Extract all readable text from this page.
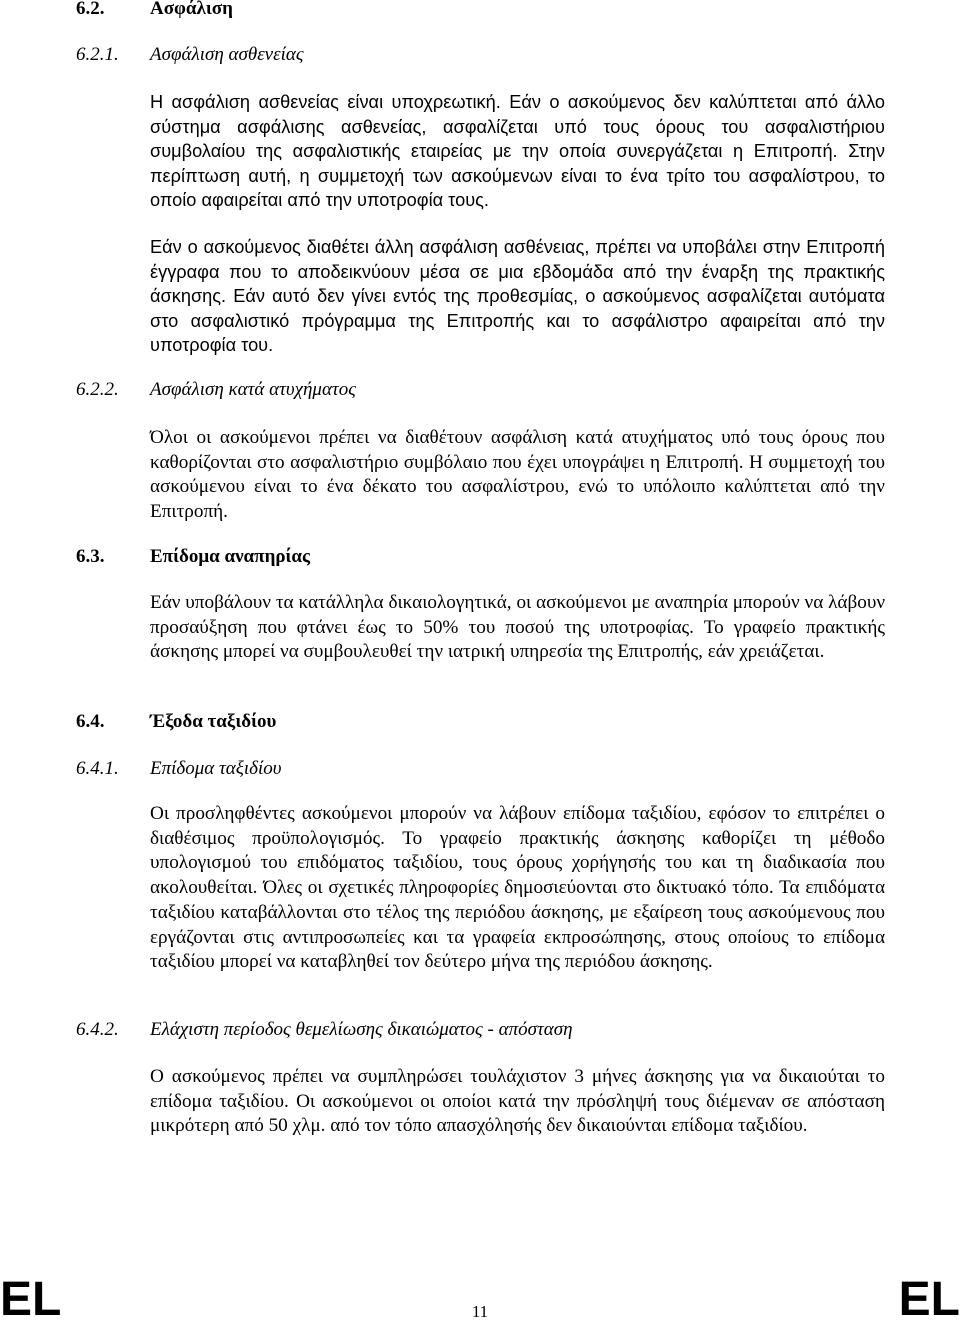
6.2. Ασφάλιση
6.2.1. Ασφάλιση ασθενείας

Η ασφάλιση ασθενείας είναι υποχρεωτική. Εάν ο ασκούμενος δεν καλύπτεται από άλλο σύστημα ασφάλισης ασθενείας, ασφαλίζεται υπό τους όρους του ασφαλιστήριου συμβολαίου της ασφαλιστικής εταιρείας με την οποία συνεργάζεται η Επιτροπή. Στην περίπτωση αυτή, η συμμετοχή των ασκούμενων είναι το ένα τρίτο του ασφαλίστρου, το οποίο αφαιρείται από την υποτροφία τους.

Εάν ο ασκούμενος διαθέτει άλλη ασφάλιση ασθένειας, πρέπει να υποβάλει στην Επιτροπή έγγραφα που το αποδεικνύουν μέσα σε μια εβδομάδα από την έναρξη της πρακτικής άσκησης. Εάν αυτό δεν γίνει εντός της προθεσμίας, ο ασκούμενος ασφαλίζεται αυτόματα στο ασφαλιστικό πρόγραμμα της Επιτροπής και το ασφάλιστρο αφαιρείται από την υποτροφία του.

6.2.2. Ασφάλιση κατά ατυχήματος

Όλοι οι ασκούμενοι πρέπει να διαθέτουν ασφάλιση κατά ατυχήματος υπό τους όρους που καθορίζονται στο ασφαλιστήριο συμβόλαιο που έχει υπογράψει η Επιτροπή. Η συμμετοχή του ασκούμενου είναι το ένα δέκατο του ασφαλίστρου, ενώ το υπόλοιπο καλύπτεται από την Επιτροπή.

6.3. Επίδομα αναπηρίας

Εάν υποβάλουν τα κατάλληλα δικαιολογητικά, οι ασκούμενοι με αναπηρία μπορούν να λάβουν προσαύξηση που φτάνει έως το 50% του ποσού της υποτροφίας. Το γραφείο πρακτικής άσκησης μπορεί να συμβουλευθεί την ιατρική υπηρεσία της Επιτροπής, εάν χρειάζεται.

6.4. Έξοδα ταξιδίου
6.4.1. Επίδομα ταξιδίου

Οι προσληφθέντες ασκούμενοι μπορούν να λάβουν επίδομα ταξιδίου, εφόσον το επιτρέπει ο διαθέσιμος προϋπολογισμός. Το γραφείο πρακτικής άσκησης καθορίζει τη μέθοδο υπολογισμού του επιδόματος ταξιδίου, τους όρους χορήγησής του και τη διαδικασία που ακολουθείται. Όλες οι σχετικές πληροφορίες δημοσιεύονται στο δικτυακό τόπο. Τα επιδόματα ταξιδίου καταβάλλονται στο τέλος της περιόδου άσκησης, με εξαίρεση τους ασκούμενους που εργάζονται στις αντιπροσωπείες και τα γραφεία εκπροσώπησης, στους οποίους το επίδομα ταξιδίου μπορεί να καταβληθεί τον δεύτερο μήνα της περιόδου άσκησης.

6.4.2. Ελάχιστη περίοδος θεμελίωσης δικαιώματος - απόσταση

Ο ασκούμενος πρέπει να συμπληρώσει τουλάχιστον 3 μήνες άσκησης για να δικαιούται το επίδομα ταξιδίου. Οι ασκούμενοι οι οποίοι κατά την πρόσληψή τους διέμεναν σε απόσταση μικρότερη από 50 χλμ. από τον τόπο απασχόλησής δεν δικαιούνται επίδομα ταξιδίου.

EL	11	EL
